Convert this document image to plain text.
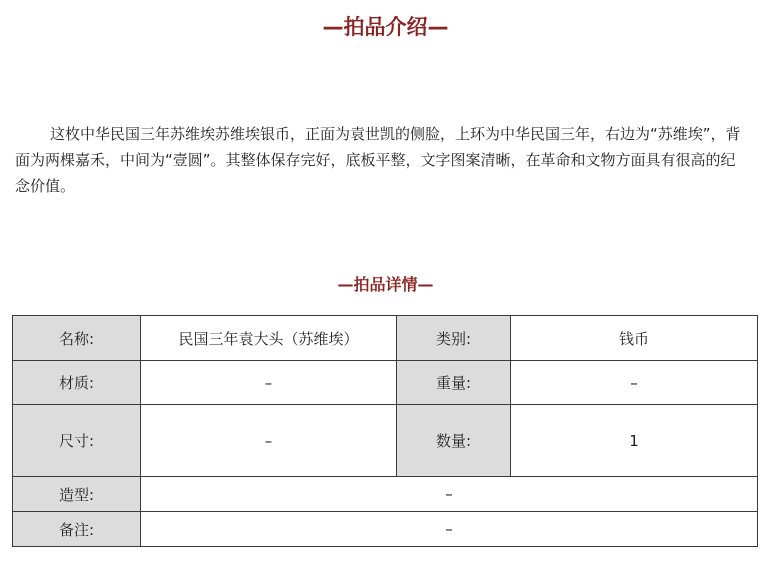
—拍品介绍—

这枚中华民国三年苏维埃苏维埃银币，正面为袁世凯的侧脸，上环为中华民国三年，右边为“苏维埃”，背面为两棵嘉禾，中间为“壹圆”。其整体保存完好，底板平整，文字图案清晰，在革命和文物方面具有很高的纪念价值。

—拍品详情—
名称:	民国三年袁大头（苏维埃）	类别:	钱币
材质:	–	重量:	–
尺寸:	–	数量:	1
造型:	–		
备注:	–		
